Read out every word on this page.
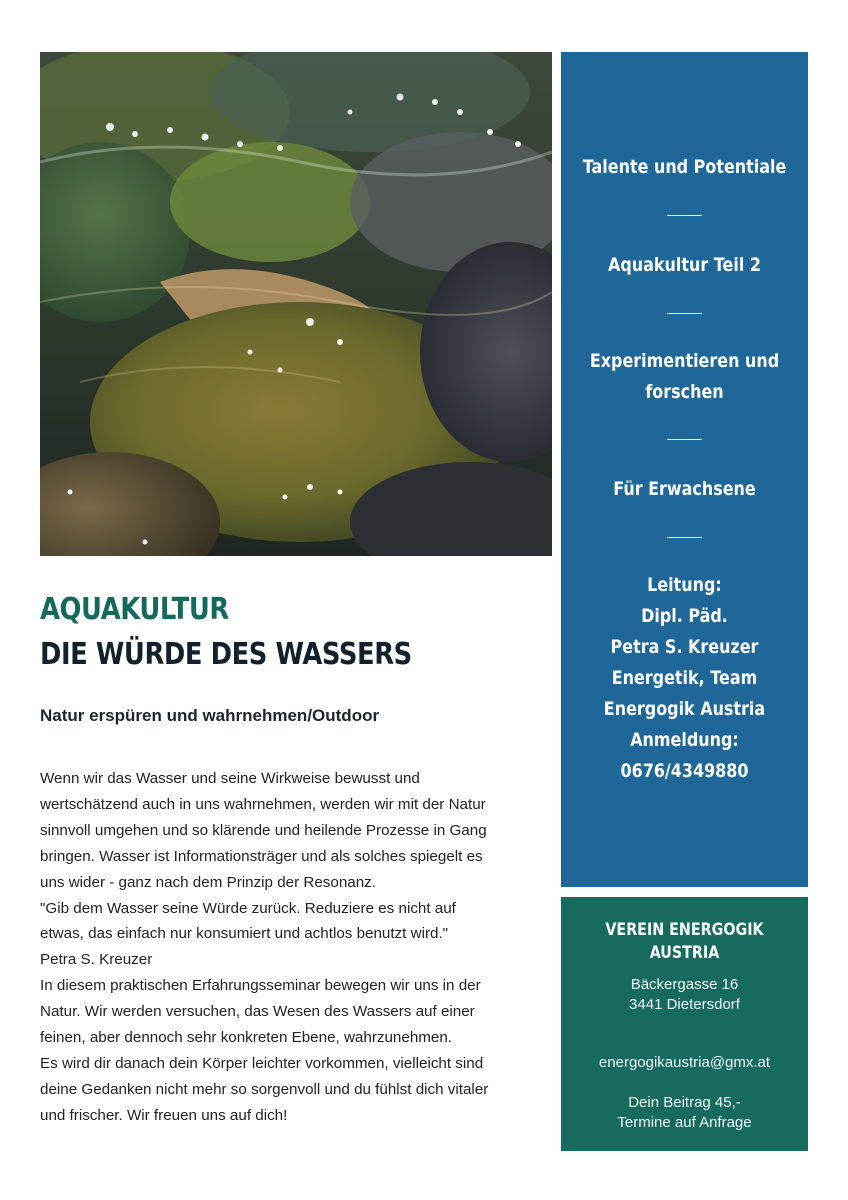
AQUAKULTUR
DIE WÜRDE DES WASSERS
Natur erspüren und wahrnehmen/Outdoor

Wenn wir das Wasser und seine Wirkweise bewusst und

wertschätzend auch in uns wahrnehmen, werden wir mit der Natur

sinnvoll umgehen und so klärende und heilende Prozesse in Gang

bringen. Wasser ist Informationsträger und als solches spiegelt es

uns wider - ganz nach dem Prinzip der Resonanz.

"Gib dem Wasser seine Würde zurück. Reduziere es nicht auf

etwas, das einfach nur konsumiert und achtlos benutzt wird."

Petra S. Kreuzer

In diesem praktischen Erfahrungsseminar bewegen wir uns in der

Natur. Wir werden versuchen, das Wesen des Wassers auf einer

feinen, aber dennoch sehr konkreten Ebene, wahrzunehmen.

Es wird dir danach dein Körper leichter vorkommen, vielleicht sind

deine Gedanken nicht mehr so sorgenvoll und du fühlst dich vitaler

und frischer. Wir freuen uns auf dich!

Talente und Potentiale
Aquakultur Teil 2
Experimentieren und
forschen
Für Erwachsene
Leitung:
Dipl. Päd.
Petra S. Kreuzer
Energetik, Team
Energogik Austria
Anmeldung:
0676/4349880
VEREIN ENERGOGIK
AUSTRIA
Bäckergasse 16
3441 Dietersdorf
energogikaustria@gmx.at
Dein Beitrag 45,-
Termine auf Anfrage
